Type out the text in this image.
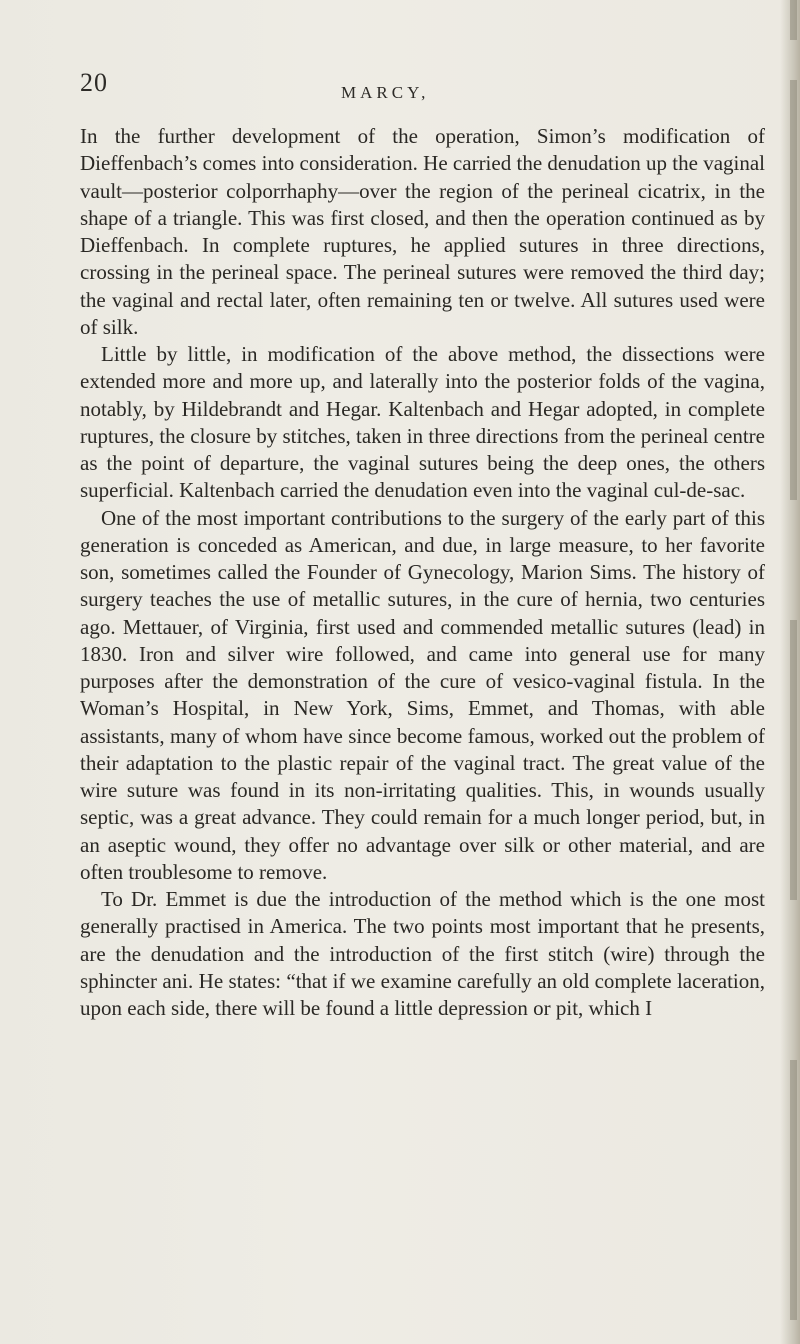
20	MARCY,

In the further development of the operation, Simon’s modification of Dieffenbach’s comes into consideration. He carried the denudation up the vaginal vault—posterior colporrhaphy—over the region of the perineal cicatrix, in the shape of a triangle. This was first closed, and then the operation continued as by Dieffenbach. In complete ruptures, he applied sutures in three directions, crossing in the perineal space. The perineal sutures were removed the third day; the vaginal and rectal later, often remaining ten or twelve. All sutures used were of silk.

Little by little, in modification of the above method, the dissections were extended more and more up, and laterally into the posterior folds of the vagina, notably, by Hildebrandt and Hegar. Kaltenbach and Hegar adopted, in complete ruptures, the closure by stitches, taken in three directions from the perineal centre as the point of departure, the vaginal sutures being the deep ones, the others superficial. Kaltenbach carried the denudation even into the vaginal cul-de-sac.

One of the most important contributions to the surgery of the early part of this generation is conceded as American, and due, in large measure, to her favorite son, sometimes called the Founder of Gynecology, Marion Sims. The history of surgery teaches the use of metallic sutures, in the cure of hernia, two centuries ago. Mettauer, of Virginia, first used and commended metallic sutures (lead) in 1830. Iron and silver wire followed, and came into general use for many purposes after the demonstration of the cure of vesico-vaginal fistula. In the Woman’s Hospital, in New York, Sims, Emmet, and Thomas, with able assistants, many of whom have since become famous, worked out the problem of their adaptation to the plastic repair of the vaginal tract. The great value of the wire suture was found in its non-irritating qualities. This, in wounds usually septic, was a great advance. They could remain for a much longer period, but, in an aseptic wound, they offer no advantage over silk or other material, and are often troublesome to remove.

To Dr. Emmet is due the introduction of the method which is the one most generally practised in America. The two points most important that he presents, are the denudation and the introduction of the first stitch (wire) through the sphincter ani. He states: “that if we examine carefully an old complete laceration, upon each side, there will be found a little depression or pit, which I
